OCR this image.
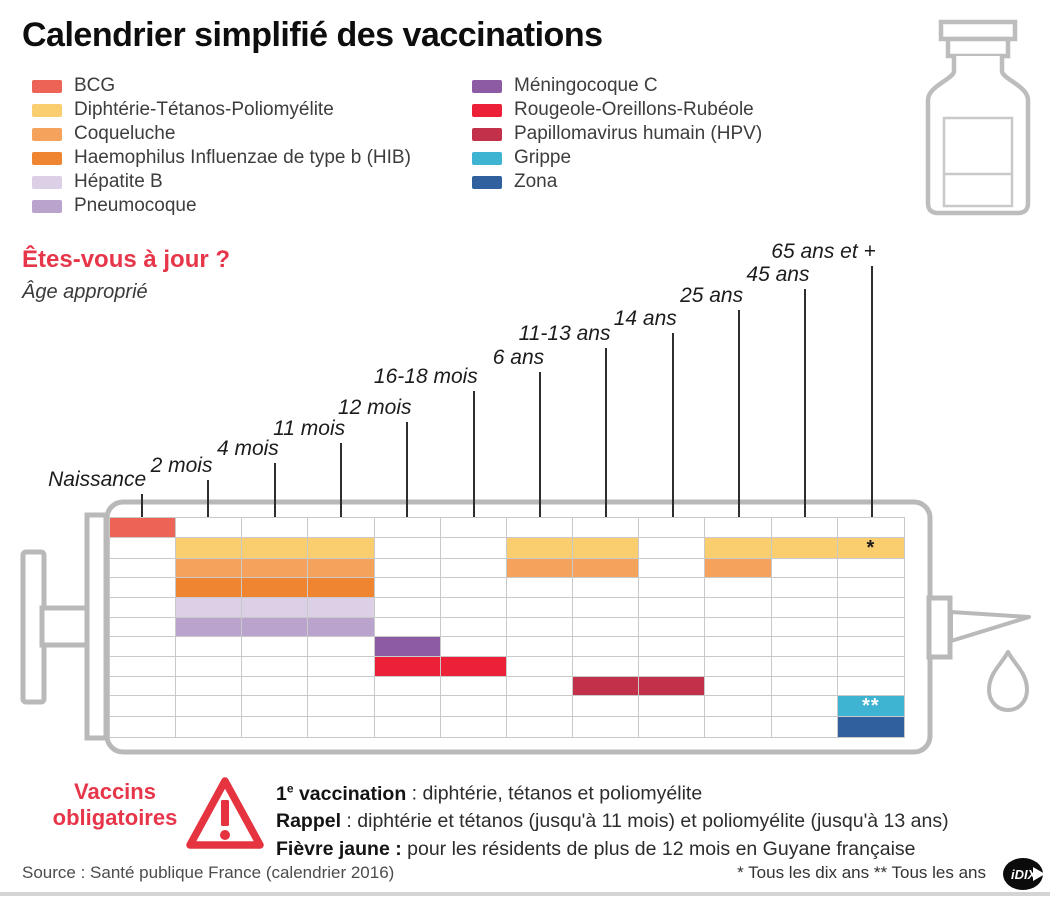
Calendrier simplifié des vaccinations
BCG
Diphtérie-Tétanos-Poliomyélite
Coqueluche
Haemophilus Influenzae de type b (HIB)
Hépatite B
Pneumocoque
Méningocoque C
Rougeole-Oreillons-Rubéole
Papillomavirus humain (HPV)
Grippe
Zona
Êtes-vous à jour ?
Âge approprié
Naissance
2 mois
4 mois
11 mois
12 mois
16-18 mois
6 ans
11-13 ans
14 ans
25 ans
45 ans
65 ans et +
*
**
Vaccins
obligatoires
1e vaccination : diphtérie, tétanos et poliomyélite
Rappel : diphtérie et tétanos (jusqu'à 11 mois) et poliomyélite (jusqu'à 13 ans)
Fièvre jaune : pour les résidents de plus de 12 mois en Guyane française
Source : Santé publique France (calendrier 2016)	* Tous les dix ans ** Tous les ans iDIX
